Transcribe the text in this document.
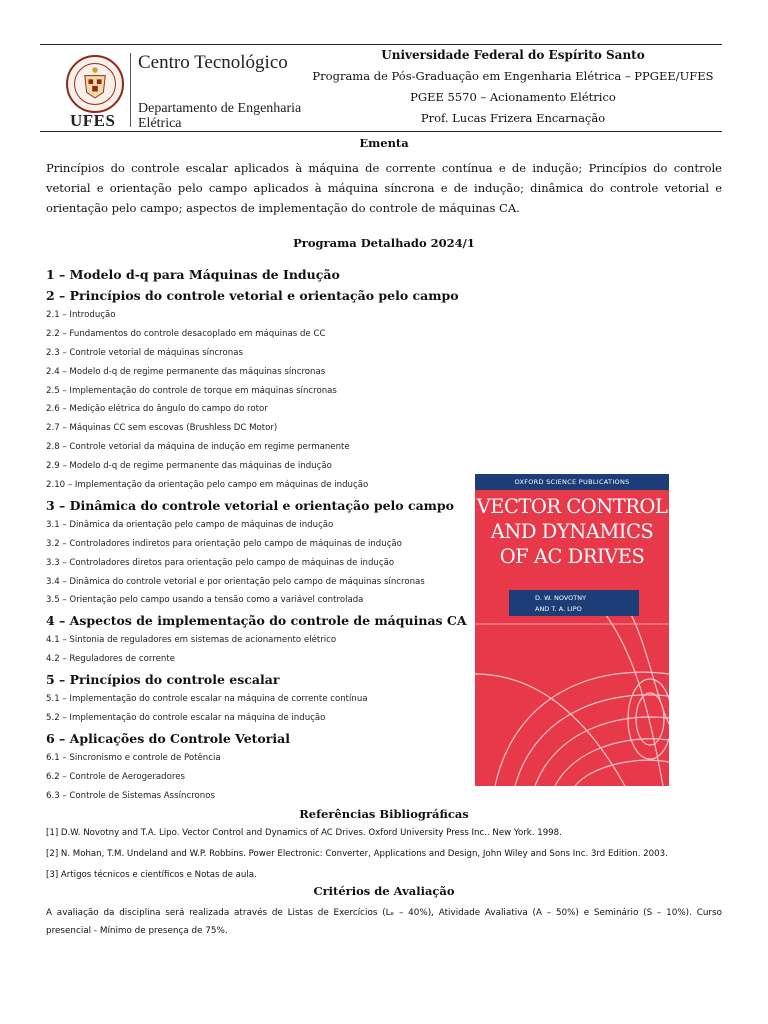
UFES
Centro Tecnológico
Departamento de Engenharia Elétrica
Universidade Federal do Espírito Santo
Programa de Pós-Graduação em Engenharia Elétrica – PPGEE/UFES
PGEE 5570 – Acionamento Elétrico
Prof. Lucas Frizera Encarnação
Ementa
Princípios do controle escalar aplicados à máquina de corrente contínua e de indução; Princípios do controle vetorial e orientação pelo campo aplicados à máquina síncrona e de indução; dinâmica do controle vetorial e orientação pelo campo; aspectos de implementação do controle de máquinas CA.
Programa Detalhado 2024/1
1 – Modelo d-q para Máquinas de Indução
2 – Princípios do controle vetorial e orientação pelo campo
2.1 – Introdução
2.2 – Fundamentos do controle desacoplado em máquinas de CC
2.3 – Controle vetorial de máquinas síncronas
2.4 – Modelo d-q de regime permanente das máquinas síncronas
2.5 – Implementação do controle de torque em máquinas síncronas
2.6 – Medição elétrica do ângulo do campo do rotor
2.7 – Máquinas CC sem escovas (Brushless DC Motor)
2.8 – Controle vetorial da máquina de indução em regime permanente
2.9 – Modelo d-q de regime permanente das máquinas de indução
2.10 – Implementação da orientação pelo campo em máquinas de indução
3 – Dinâmica do controle vetorial e orientação pelo campo
3.1 – Dinâmica da orientação pelo campo de máquinas de indução
3.2 – Controladores indiretos para orientação pelo campo de máquinas de indução
3.3 – Controladores diretos para orientação pelo campo de máquinas de indução
3.4 – Dinâmica do controle vetorial e por orientação pelo campo de máquinas síncronas
3.5 – Orientação pelo campo usando a tensão como a variável controlada
4 – Aspectos de implementação do controle de máquinas CA
4.1 – Sintonia de reguladores em sistemas de acionamento elétrico
4.2 – Reguladores de corrente
5 – Princípios do controle escalar
5.1 – Implementação do controle escalar na máquina de corrente contínua
5.2 – Implementação do controle escalar na máquina de indução
6 – Aplicações do Controle Vetorial
6.1 – Sincronismo e controle de Potência
6.2 – Controle de Aerogeradores
6.3 – Controle de Sistemas Assíncronos
OXFORD SCIENCE PUBLICATIONS
VECTOR CONTROL
AND DYNAMICS
OF AC DRIVES
D. W. NOVOTNY
AND T. A. LIPO
Referências Bibliográficas
[1] D.W. Novotny and T.A. Lipo. Vector Control and Dynamics of AC Drives. Oxford University Press Inc.. New York. 1998.
[2] N. Mohan, T.M. Undeland and W.P. Robbins. Power Electronic: Converter, Applications and Design, John Wiley and Sons Inc. 3rd Edition. 2003.
[3] Artigos técnicos e científicos e Notas de aula.
Critérios de Avaliação
A avaliação da disciplina será realizada através de Listas de Exercícios (Lₑ – 40%), Atividade Avaliativa (A – 50%) e Seminário (S – 10%). Curso presencial - Mínimo de presença de 75%.
